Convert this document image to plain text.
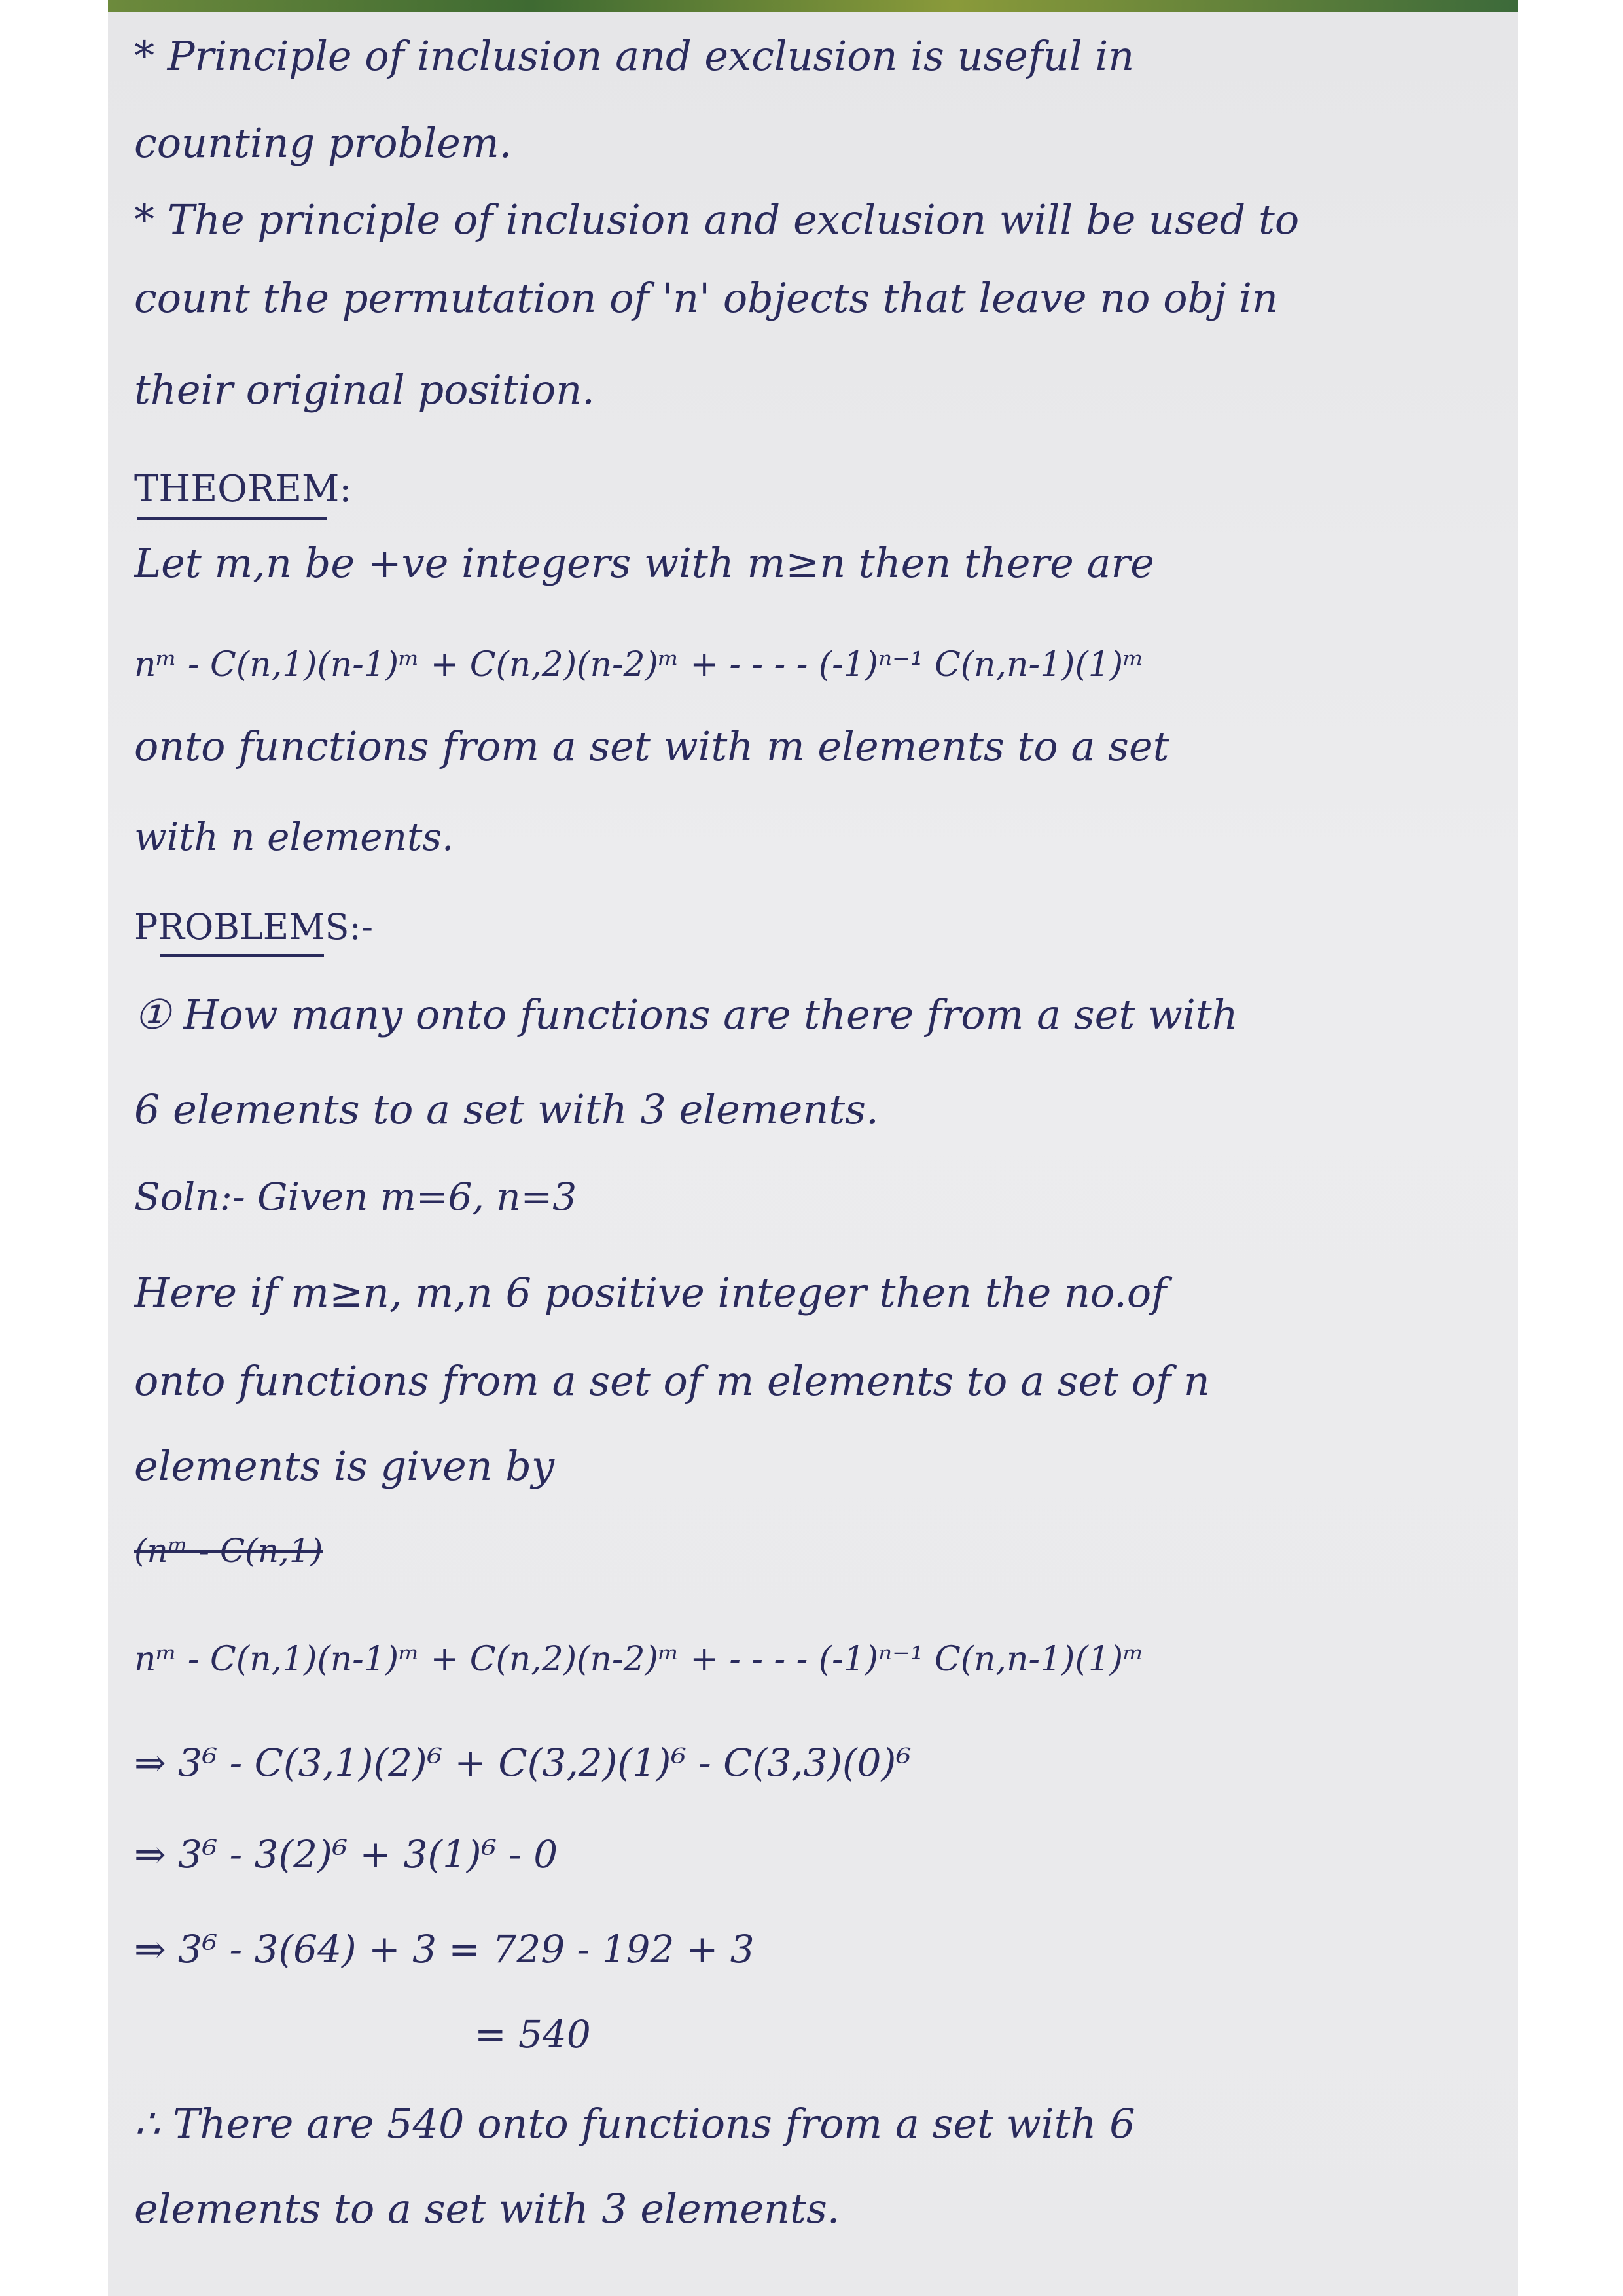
* Principle of inclusion and exclusion is useful in
counting problem.
* The principle of inclusion and exclusion will be used to
count the permutation of 'n' objects that leave no obj in
their original position.
THEOREM:
Let m,n be +ve integers with m≥n then there are
nᵐ - C(n,1)(n-1)ᵐ + C(n,2)(n-2)ᵐ + - - - - (-1)ⁿ⁻¹ C(n,n-1)(1)ᵐ
onto functions from a set with m elements to a set
with n elements.
PROBLEMS:-
① How many onto functions are there from a set with
6 elements to a set with 3 elements.
Soln:- Given m=6, n=3
Here if m≥n, m,n 6 positive integer then the no.of
onto functions from a set of m elements to a set of n
elements is given by
(nᵐ - C(n,1)
nᵐ - C(n,1)(n-1)ᵐ + C(n,2)(n-2)ᵐ + - - - - (-1)ⁿ⁻¹ C(n,n-1)(1)ᵐ
⇒ 3⁶ - C(3,1)(2)⁶ + C(3,2)(1)⁶ - C(3,3)(0)⁶
⇒ 3⁶ - 3(2)⁶ + 3(1)⁶ - 0
⇒ 3⁶ - 3(64) + 3 = 729 - 192 + 3
= 540
∴ There are 540 onto functions from a set with 6
elements to a set with 3 elements.
